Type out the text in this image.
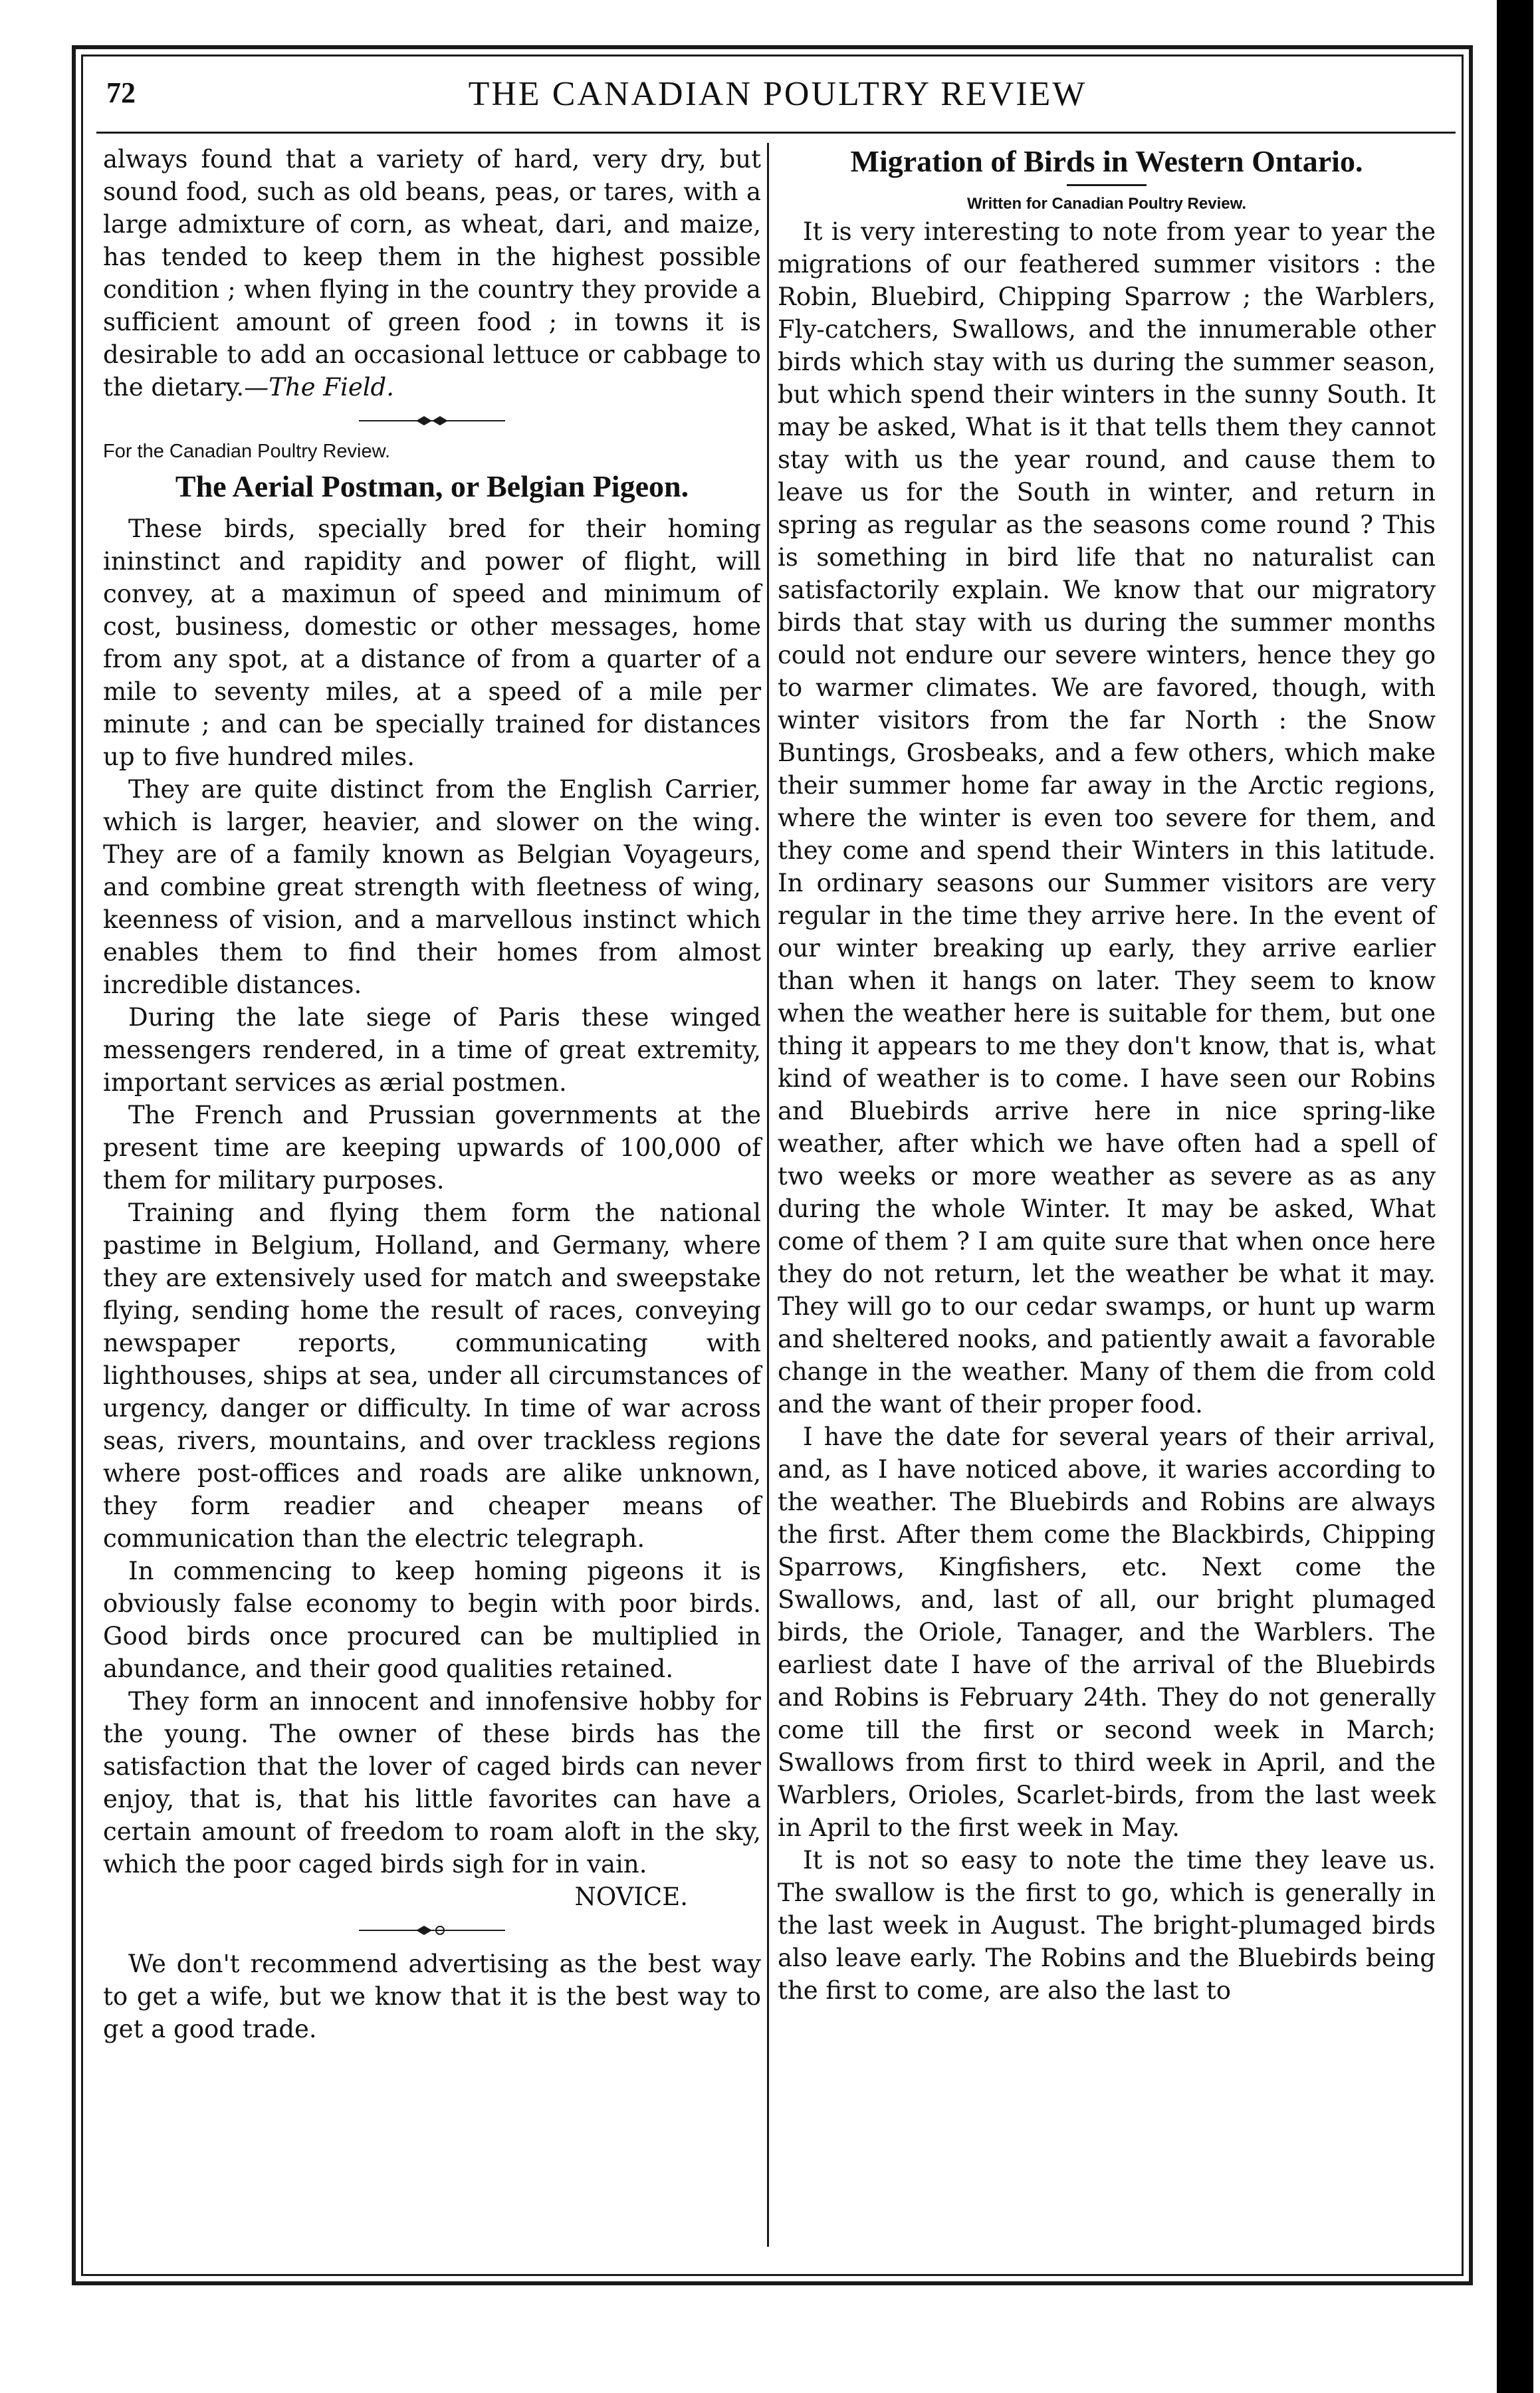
72	THE CANADIAN POULTRY REVIEW

always found that a variety of hard, very dry, but sound food, such as old beans, peas, or tares, with a large admixture of corn, as wheat, dari, and maize, has tended to keep them in the highest possible condition ; when flying in the country they provide a sufficient amount of green food ; in towns it is desirable to add an occasional lettuce or cabbage to the dietary.—The Field.

For the Canadian Poultry Review.

The Aerial Postman, or Belgian Pigeon.

These birds, specially bred for their homing ininstinct and rapidity and power of flight, will convey, at a maximun of speed and minimum of cost, business, domestic or other messages, home from any spot, at a distance of from a quarter of a mile to seventy miles, at a speed of a mile per minute ; and can be specially trained for distances up to five hundred miles.

They are quite distinct from the English Carrier, which is larger, heavier, and slower on the wing. They are of a family known as Belgian Voyageurs, and combine great strength with fleetness of wing, keenness of vision, and a marvellous instinct which enables them to find their homes from almost incredible distances.

During the late siege of Paris these winged messengers rendered, in a time of great extremity, important services as ærial postmen.

The French and Prussian governments at the present time are keeping upwards of 100,000 of them for military purposes.

Training and flying them form the national pastime in Belgium, Holland, and Germany, where they are extensively used for match and sweepstake flying, sending home the result of races, conveying newspaper reports, communicating with lighthouses, ships at sea, under all circumstances of urgency, danger or difficulty. In time of war across seas, rivers, mountains, and over trackless regions where post-offices and roads are alike unknown, they form readier and cheaper means of communication than the electric telegraph.

In commencing to keep homing pigeons it is obviously false economy to begin with poor birds. Good birds once procured can be multiplied in abundance, and their good qualities retained.

They form an innocent and innofensive hobby for the young. The owner of these birds has the satisfaction that the lover of caged birds can never enjoy, that is, that his little favorites can have a certain amount of freedom to roam aloft in the sky, which the poor caged birds sigh for in vain.

NOVICE.

We don't recommend advertising as the best way to get a wife, but we know that it is the best way to get a good trade.

Migration of Birds in Western Ontario.

Written for Canadian Poultry Review.

It is very interesting to note from year to year the migrations of our feathered summer visitors : the Robin, Bluebird, Chipping Sparrow ; the Warblers, Fly-catchers, Swallows, and the innumerable other birds which stay with us during the summer season, but which spend their winters in the sunny South. It may be asked, What is it that tells them they cannot stay with us the year round, and cause them to leave us for the South in winter, and return in spring as regular as the seasons come round ? This is something in bird life that no naturalist can satisfactorily explain. We know that our migratory birds that stay with us during the summer months could not endure our severe winters, hence they go to warmer climates. We are favored, though, with winter visitors from the far North : the Snow Buntings, Grosbeaks, and a few others, which make their summer home far away in the Arctic regions, where the winter is even too severe for them, and they come and spend their Winters in this latitude. In ordinary seasons our Summer visitors are very regular in the time they arrive here. In the event of our winter breaking up early, they arrive earlier than when it hangs on later. They seem to know when the weather here is suitable for them, but one thing it appears to me they don't know, that is, what kind of weather is to come. I have seen our Robins and Bluebirds arrive here in nice spring-like weather, after which we have often had a spell of two weeks or more weather as severe as as any during the whole Winter. It may be asked, What come of them ? I am quite sure that when once here they do not return, let the weather be what it may. They will go to our cedar swamps, or hunt up warm and sheltered nooks, and patiently await a favorable change in the weather. Many of them die from cold and the want of their proper food.

I have the date for several years of their arrival, and, as I have noticed above, it waries according to the weather. The Bluebirds and Robins are always the first. After them come the Blackbirds, Chipping Sparrows, Kingfishers, etc. Next come the Swallows, and, last of all, our bright plumaged birds, the Oriole, Tanager, and the Warblers. The earliest date I have of the arrival of the Bluebirds and Robins is February 24th. They do not generally come till the first or second week in March; Swallows from first to third week in April, and the Warblers, Orioles, Scarlet-birds, from the last week in April to the first week in May.

It is not so easy to note the time they leave us. The swallow is the first to go, which is generally in the last week in August. The bright-plumaged birds also leave early. The Robins and the Bluebirds being the first to come, are also the last to
